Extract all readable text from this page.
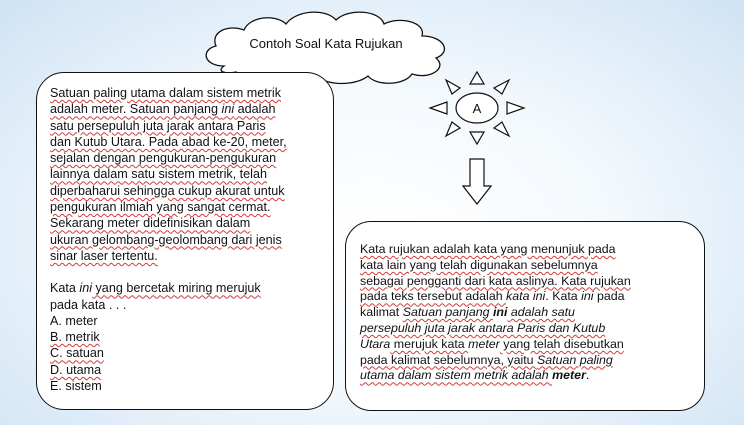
Contoh Soal Kata Rujukan
Satuan paling utama dalam sistem metrik
adalah meter. Satuan panjang ini adalah
satu persepuluh juta jarak antara Paris
dan Kutub Utara. Pada abad ke-20, meter,
sejalan dengan pengukuran-pengukuran
lainnya dalam satu sistem metrik, telah
diperbaharui sehingga cukup akurat untuk
pengukuran ilmiah yang sangat cermat.
Sekarang meter didefinisikan dalam
ukuran gelombang-geolombang dari jenis
sinar laser tertentu.
Kata ini yang bercetak miring merujuk
pada kata . . .
A. meter
B. metrik
C. satuan
D. utama
E. sistem
A
Kata rujukan adalah kata yang menunjuk pada
kata lain yang telah digunakan sebelumnya
sebagai pengganti dari kata aslinya. Kata rujukan
pada teks tersebut adalah kata ini. Kata ini pada
kalimat Satuan panjang ini adalah satu
persepuluh juta jarak antara Paris dan Kutub
Utara merujuk kata meter yang telah disebutkan
pada kalimat sebelumnya, yaitu Satuan paling
utama dalam sistem metrik adalah meter.
